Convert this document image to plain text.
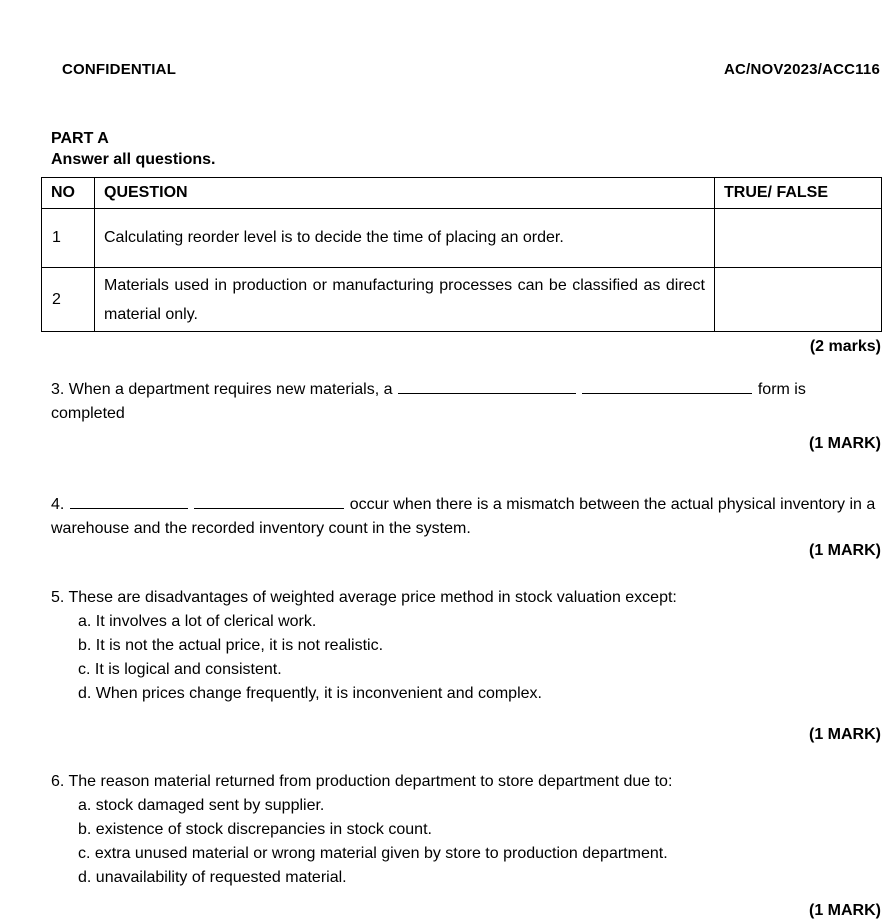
CONFIDENTIAL	AC/NOV2023/ACC116
PART A
Answer all questions.
NO	QUESTION	TRUE/ FALSE

1	Calculating reorder level is to decide the time of placing an order.	

2	Materials used in production or manufacturing processes can be classified as direct material only.	

(2 marks)
3. When a department requires new materials, a	form is completed
(1 MARK)
4.	occur when there is a mismatch between the actual physical inventory in a warehouse and the recorded inventory count in the system.
(1 MARK)
5. These are disadvantages of weighted average price method in stock valuation except:
a. It involves a lot of clerical work.
b. It is not the actual price, it is not realistic.
c. It is logical and consistent.
d. When prices change frequently, it is inconvenient and complex.
(1 MARK)
6. The reason material returned from production department to store department due to:
a. stock damaged sent by supplier.
b. existence of stock discrepancies in stock count.
c. extra unused material or wrong material given by store to production department.
d. unavailability of requested material.
(1 MARK)
